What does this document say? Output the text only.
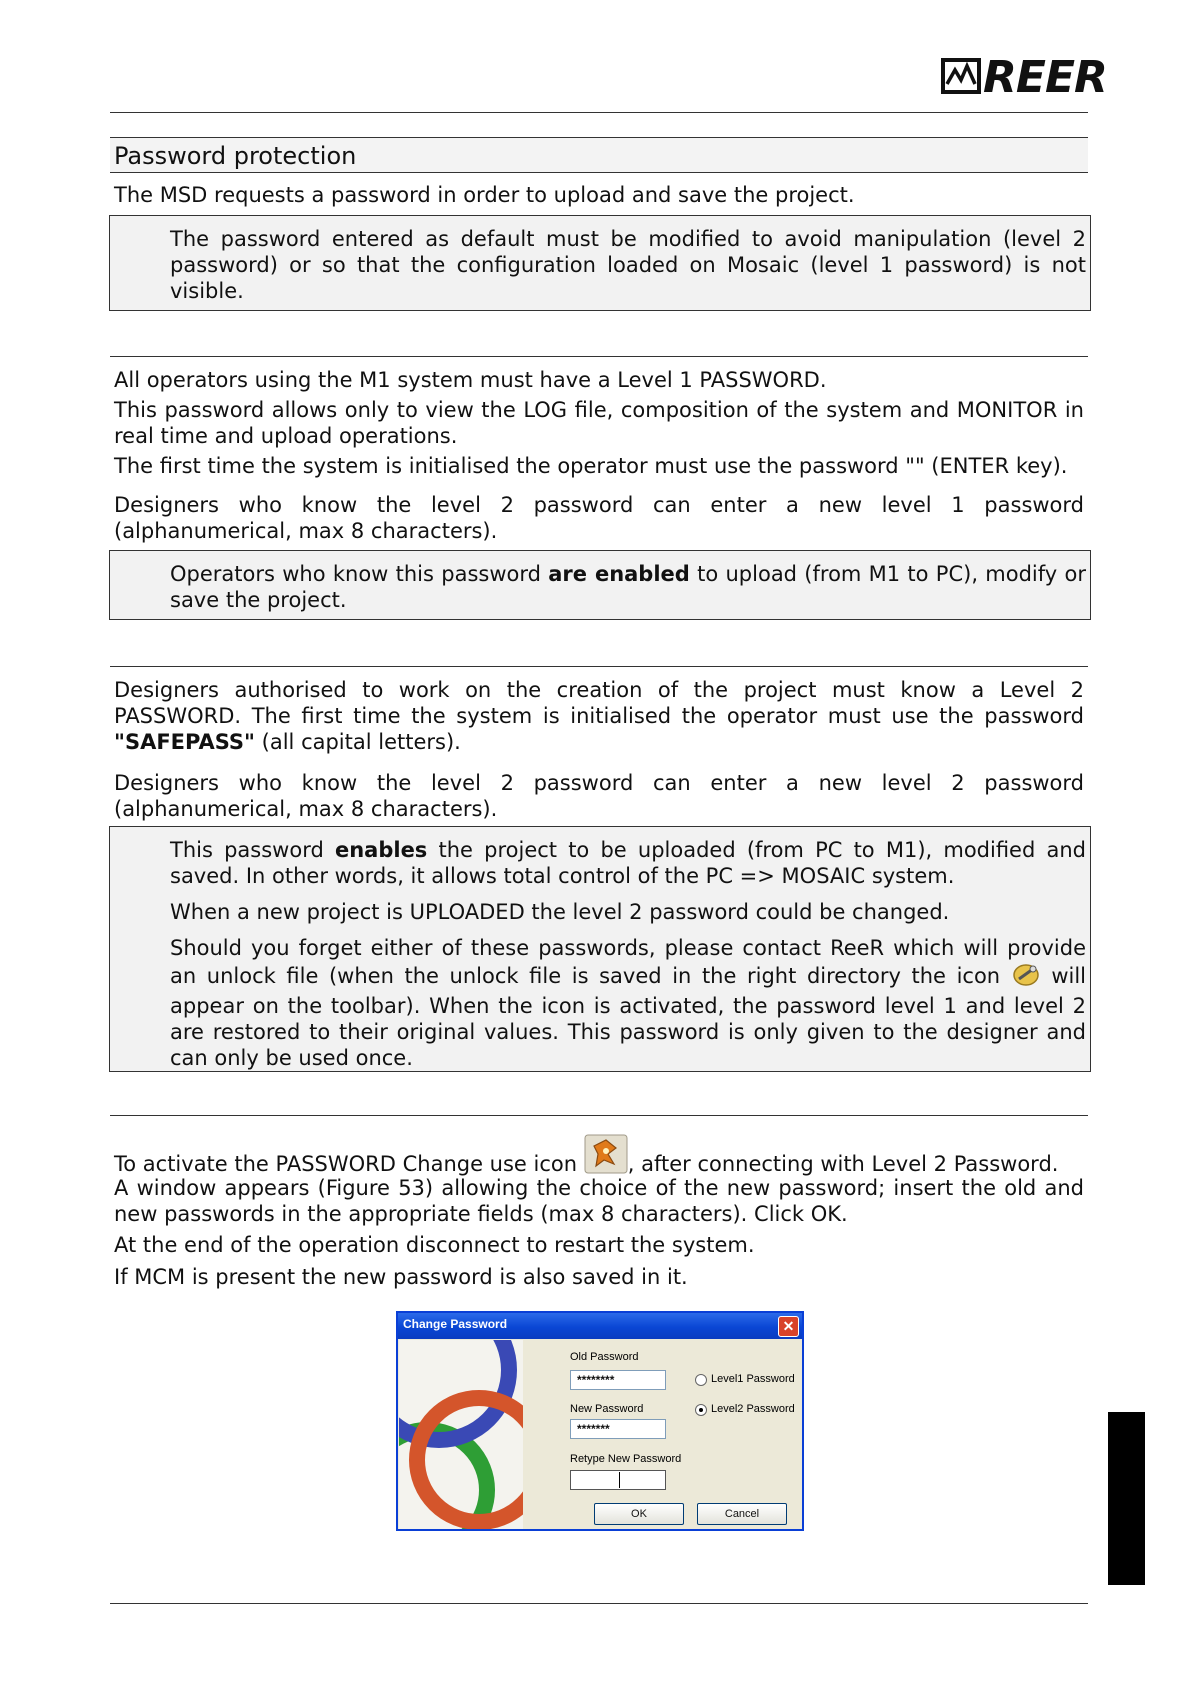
REER
Password protection

The MSD requests a password in order to upload and save the project.

The password entered as default must be modified to avoid manipulation (level 2 password) or so that the configuration loaded on Mosaic (level 1 password) is not visible.

All operators using the M1 system must have a Level 1 PASSWORD.

This password allows only to view the LOG file, composition of the system and MONITOR in real time and upload operations.

The first time the system is initialised the operator must use the password "" (ENTER key).

Designers who know the level 2 password can enter a new level 1 password (alphanumerical, max 8 characters).

Operators who know this password are enabled to upload (from M1 to PC), modify or save the project.

Designers authorised to work on the creation of the project must know a Level 2 PASSWORD. The first time the system is initialised the operator must use the password "SAFEPASS" (all capital letters).

Designers who know the level 2 password can enter a new level 2 password (alphanumerical, max 8 characters).

This password enables the project to be uploaded (from PC to M1), modified and saved. In other words, it allows total control of the PC => MOSAIC system.

When a new project is UPLOADED the level 2 password could be changed.

Should you forget either of these passwords, please contact ReeR which will provide an unlock file (when the unlock file is saved in the right directory the icon  will appear on the toolbar). When the icon is activated, the password level 1 and level 2 are restored to their original values. This password is only given to the designer and can only be used once.

To activate the PASSWORD Change use icon , after connecting with Level 2 Password.

A window appears (Figure 53) allowing the choice of the new password; insert the old and new passwords in the appropriate fields (max 8 characters). Click OK.

At the end of the operation disconnect to restart the system.

If MCM is present the new password is also saved in it.

Change Password	✕
Old Password
********
New Password
*******
Retype New Password
Level1 Password
Level2 Password
OK	Cancel
